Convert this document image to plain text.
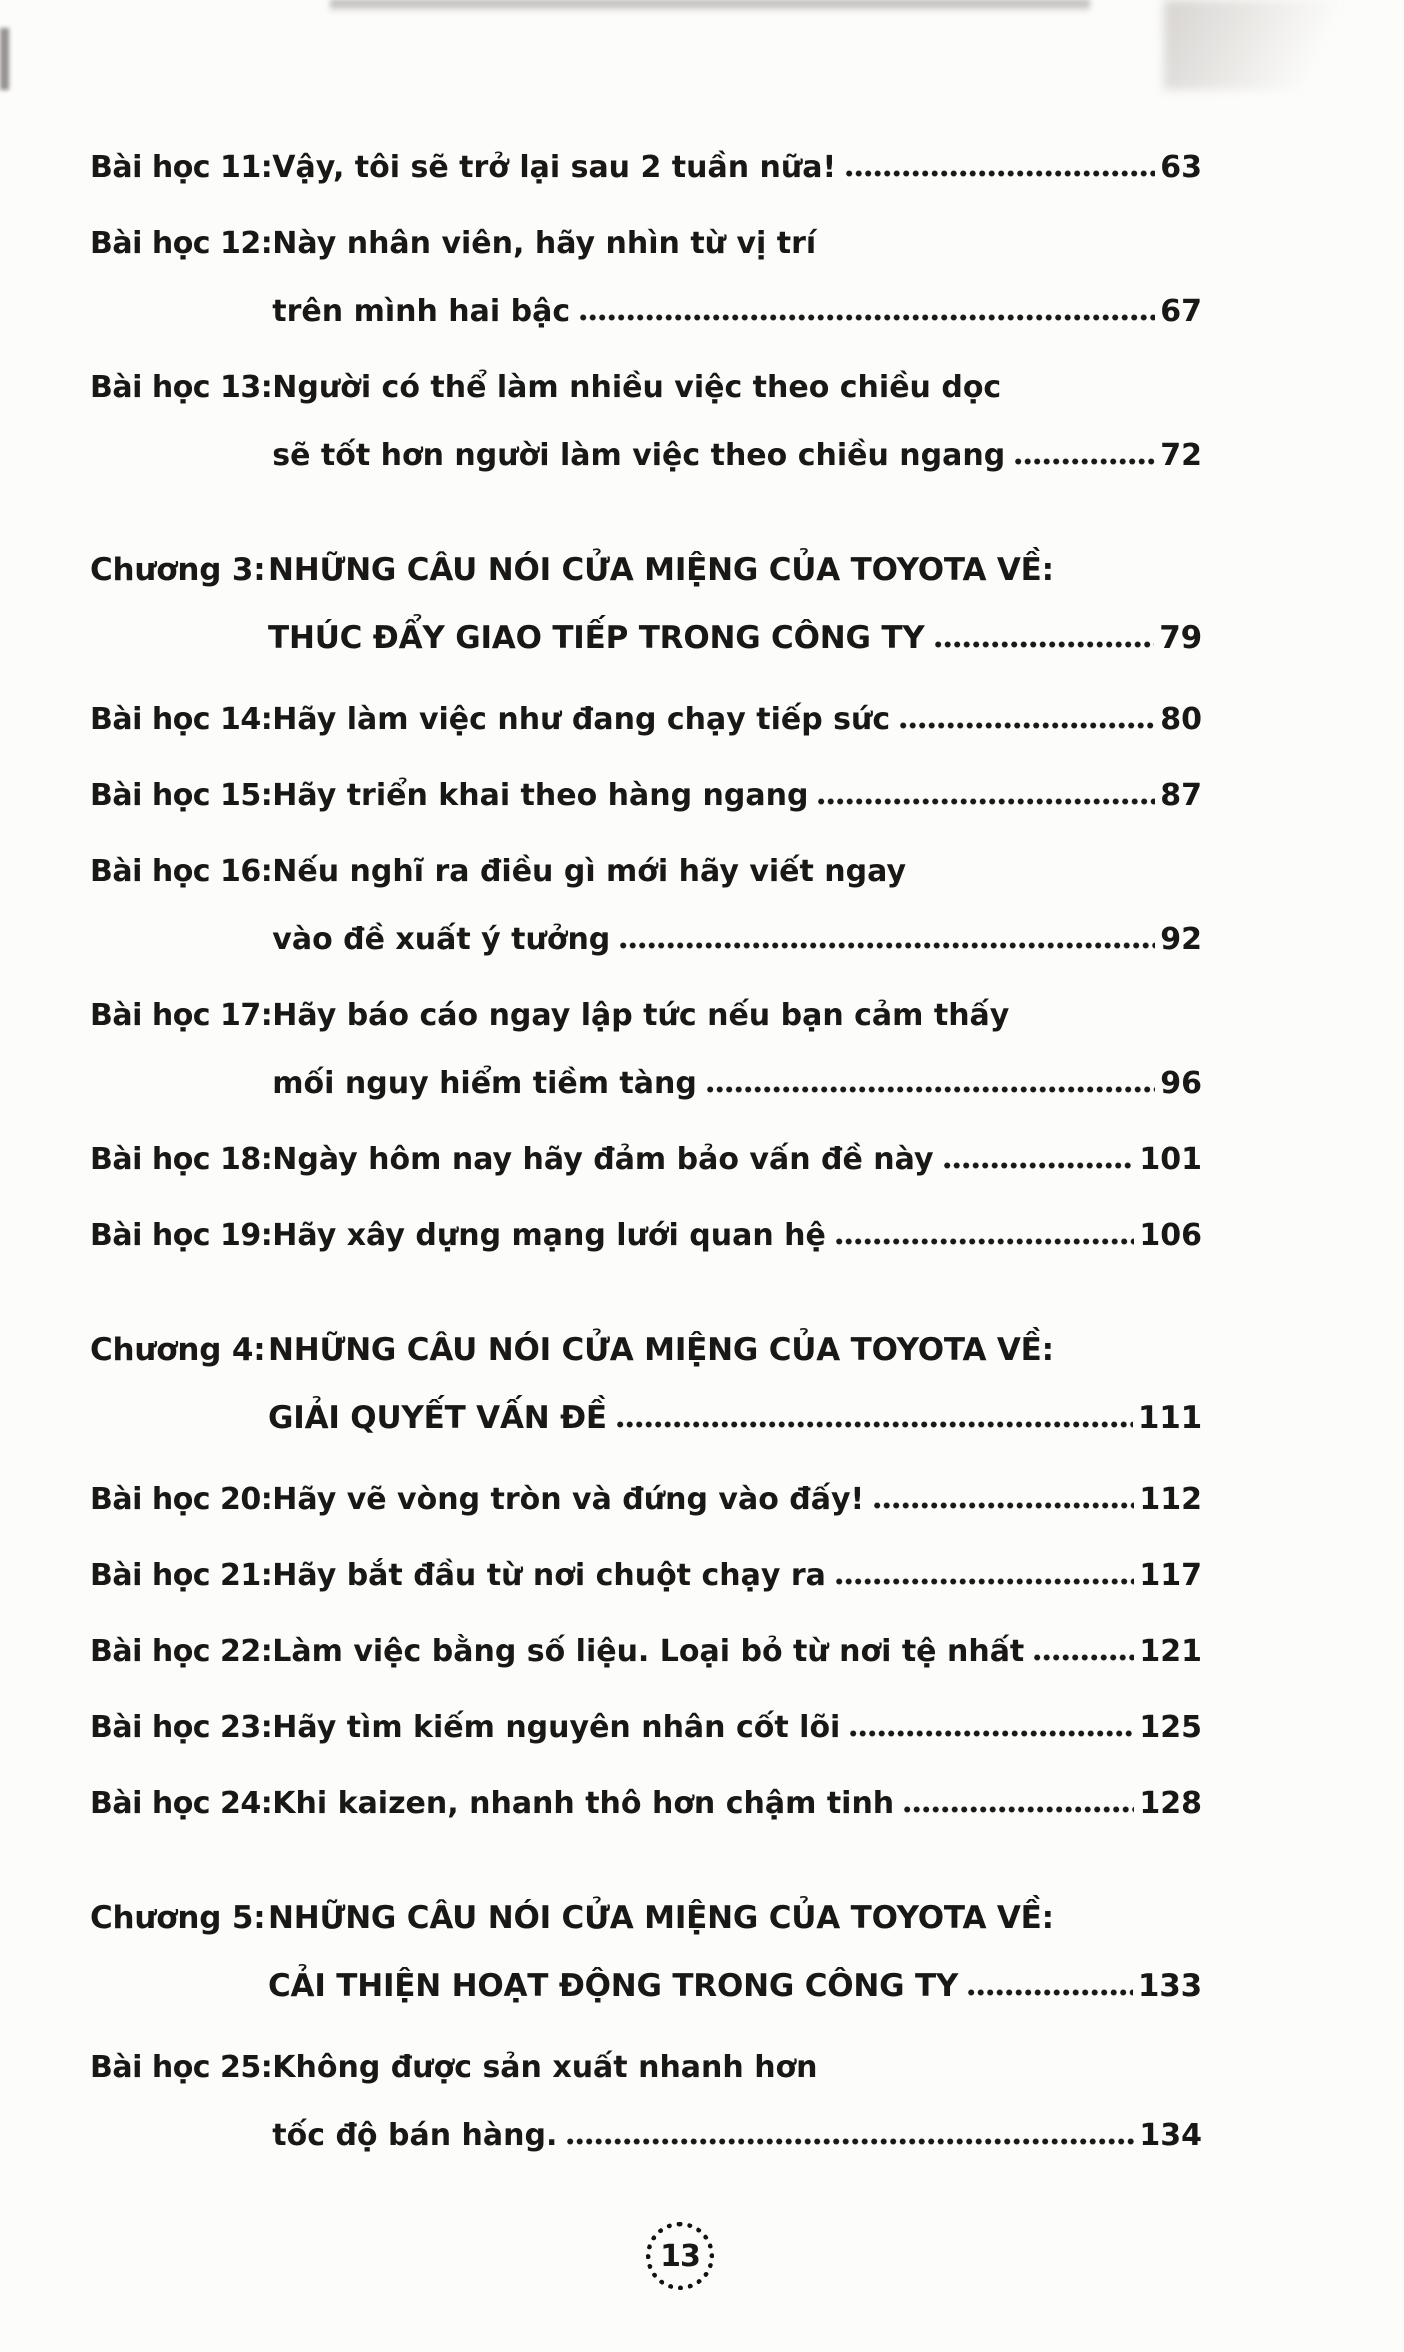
Bài học 11: Vậy, tôi sẽ trở lại sau 2 tuần nữa!	63
Bài học 12: Này nhân viên, hãy nhìn từ vị trí
trên mình hai bậc	67
Bài học 13: Người có thể làm nhiều việc theo chiều dọc
sẽ tốt hơn người làm việc theo chiều ngang	72
Chương 3: NHỮNG CÂU NÓI CỬA MIỆNG CỦA TOYOTA VỀ:
THÚC ĐẨY GIAO TIẾP TRONG CÔNG TY	79
Bài học 14: Hãy làm việc như đang chạy tiếp sức	80
Bài học 15: Hãy triển khai theo hàng ngang	87
Bài học 16: Nếu nghĩ ra điều gì mới hãy viết ngay
vào đề xuất ý tưởng	92
Bài học 17: Hãy báo cáo ngay lập tức nếu bạn cảm thấy
mối nguy hiểm tiềm tàng	96
Bài học 18: Ngày hôm nay hãy đảm bảo vấn đề này	101
Bài học 19: Hãy xây dựng mạng lưới quan hệ	106
Chương 4: NHỮNG CÂU NÓI CỬA MIỆNG CỦA TOYOTA VỀ:
GIẢI QUYẾT VẤN ĐỀ	111
Bài học 20: Hãy vẽ vòng tròn và đứng vào đấy!	112
Bài học 21: Hãy bắt đầu từ nơi chuột chạy ra	117
Bài học 22: Làm việc bằng số liệu. Loại bỏ từ nơi tệ nhất	121
Bài học 23: Hãy tìm kiếm nguyên nhân cốt lõi	125
Bài học 24: Khi kaizen, nhanh thô hơn chậm tinh	128
Chương 5: NHỮNG CÂU NÓI CỬA MIỆNG CỦA TOYOTA VỀ:
CẢI THIỆN HOẠT ĐỘNG TRONG CÔNG TY	133
Bài học 25: Không được sản xuất nhanh hơn
tốc độ bán hàng.	134
13
